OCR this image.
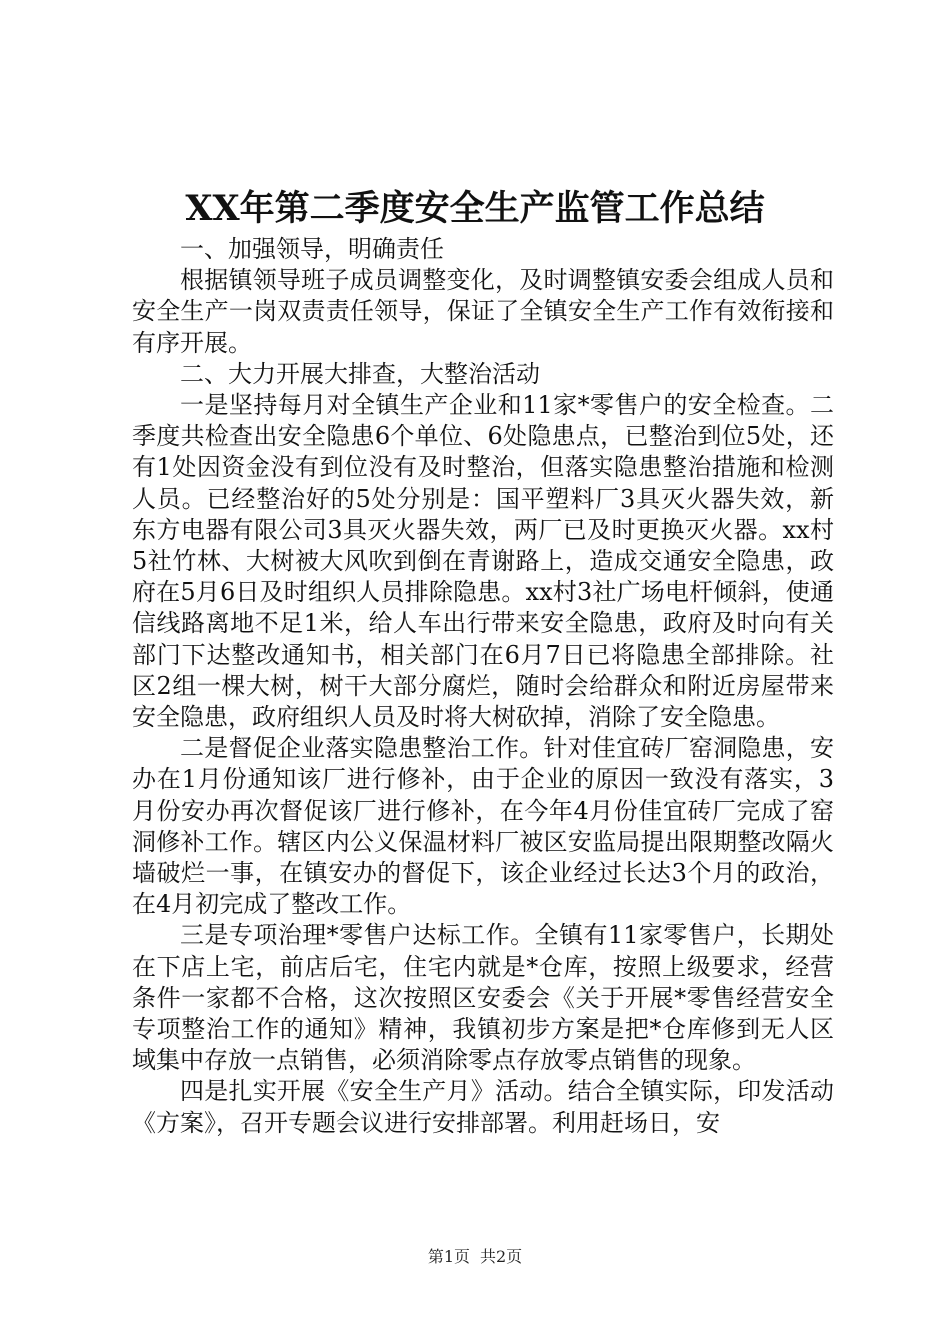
XX年第二季度安全生产监管工作总结

一、加强领导，明确责任

根据镇领导班子成员调整变化，及时调整镇安委会组成人员和安全生产一岗双责责任领导，保证了全镇安全生产工作有效衔接和有序开展。

二、大力开展大排查，大整治活动

一是坚持每月对全镇生产企业和11家*零售户的安全检查。二季度共检查出安全隐患6个单位、6处隐患点，已整治到位5处，还有1处因资金没有到位没有及时整治，但落实隐患整治措施和检测人员。已经整治好的5处分别是：国平塑料厂3具灭火器失效，新东方电器有限公司3具灭火器失效，两厂已及时更换灭火器。xx村5社竹林、大树被大风吹到倒在青谢路上，造成交通安全隐患，政府在5月6日及时组织人员排除隐患。xx村3社广场电杆倾斜，使通信线路离地不足1米，给人车出行带来安全隐患，政府及时向有关部门下达整改通知书，相关部门在6月7日已将隐患全部排除。社区2组一棵大树，树干大部分腐烂，随时会给群众和附近房屋带来安全隐患，政府组织人员及时将大树砍掉，消除了安全隐患。

二是督促企业落实隐患整治工作。针对佳宜砖厂窑洞隐患，安办在1月份通知该厂进行修补，由于企业的原因一致没有落实，3月份安办再次督促该厂进行修补，在今年4月份佳宜砖厂完成了窑洞修补工作。辖区内公义保温材料厂被区安监局提出限期整改隔火墙破烂一事，在镇安办的督促下，该企业经过长达3个月的政治，在4月初完成了整改工作。

三是专项治理*零售户达标工作。全镇有11家零售户，长期处在下店上宅，前店后宅，住宅内就是*仓库，按照上级要求，经营条件一家都不合格，这次按照区安委会《关于开展*零售经营安全专项整治工作的通知》精神，我镇初步方案是把*仓库修到无人区域集中存放一点销售，必须消除零点存放零点销售的现象。

四是扎实开展《安全生产月》活动。结合全镇实际，印发活动《方案》，召开专题会议进行安排部署。利用赶场日，安

第1页 共2页
